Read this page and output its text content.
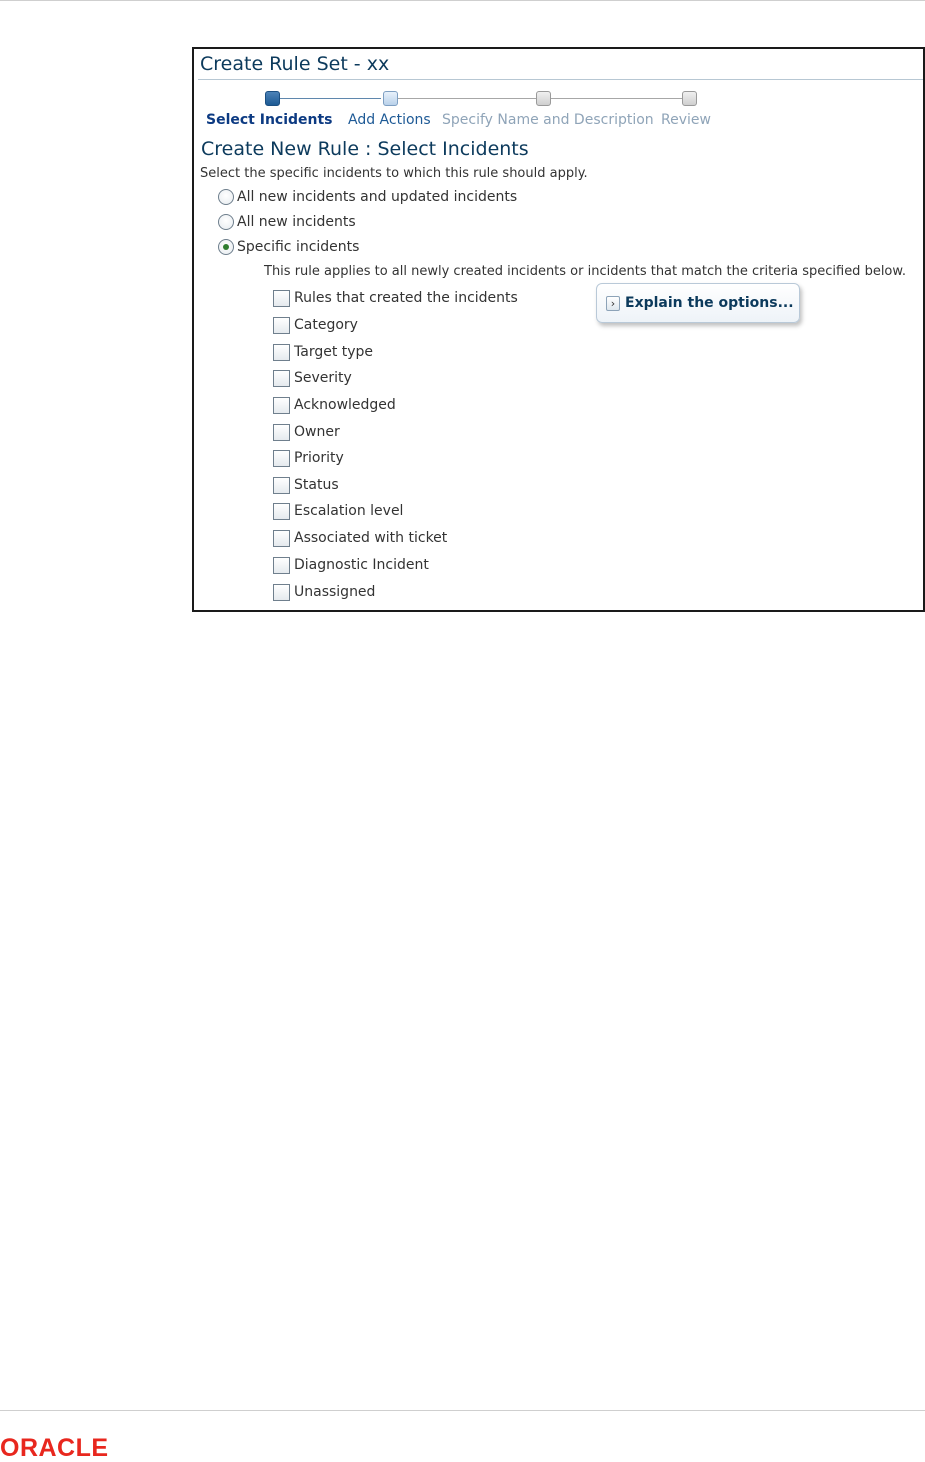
Create Rule Set - xx
Select Incidents Add Actions Specify Name and Description Review
Create New Rule : Select Incidents
Select the specific incidents to which this rule should apply.
All new incidents and updated incidents
All new incidents
Specific incidents
This rule applies to all newly created incidents or incidents that match the criteria specified below.
Rules that created the incidents
Category
Target type
Severity
Acknowledged
Owner
Priority
Status
Escalation level
Associated with ticket
Diagnostic Incident
Unassigned
› Explain the options...
ORACLE
